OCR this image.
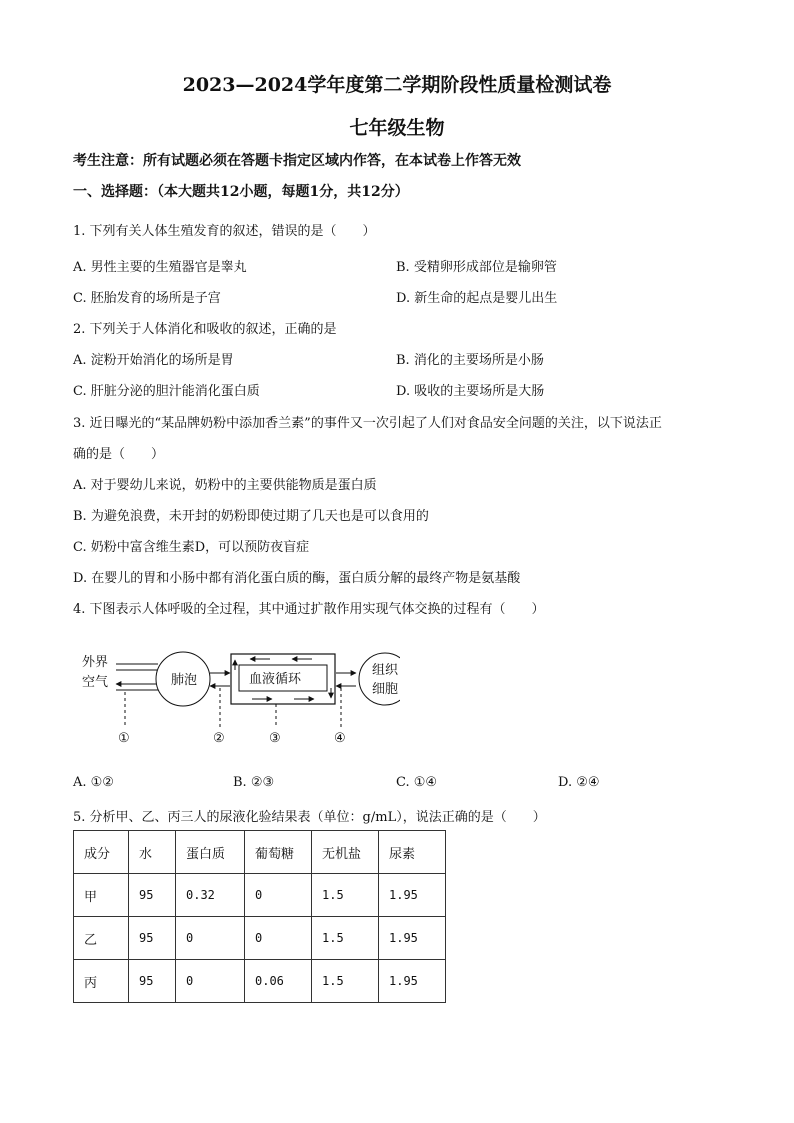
2023—2024学年度第二学期阶段性质量检测试卷
七年级生物
考生注意：所有试题必须在答题卡指定区域内作答，在本试卷上作答无效
一、选择题：（本大题共12小题，每题1分，共12分）
1. 下列有关人体生殖发育的叙述，错误的是（　　）
A. 男性主要的生殖器官是睾丸	B. 受精卵形成部位是输卵管
C. 胚胎发育的场所是子宫	D. 新生命的起点是婴儿出生
2. 下列关于人体消化和吸收的叙述，正确的是
A. 淀粉开始消化的场所是胃	B. 消化的主要场所是小肠
C. 肝脏分泌的胆汁能消化蛋白质	D. 吸收的主要场所是大肠
3. 近日曝光的“某品牌奶粉中添加香兰素”的事件又一次引起了人们对食品安全问题的关注，以下说法正
确的是（　　）
A. 对于婴幼儿来说，奶粉中的主要供能物质是蛋白质
B. 为避免浪费，未开封的奶粉即使过期了几天也是可以食用的
C. 奶粉中富含维生素D，可以预防夜盲症
D. 在婴儿的胃和小肠中都有消化蛋白质的酶，蛋白质分解的最终产物是氨基酸
4. 下图表示人体呼吸的全过程，其中通过扩散作用实现气体交换的过程有（　　）
外界
空气	肺泡	血液循环
组织
细胞
①	②	③	④
A. ①②	B. ②③	C. ①④	D. ②④
5. 分析甲、乙、丙三人的尿液化验结果表（单位：g/mL），说法正确的是（　　）
成分	水	蛋白质	葡萄糖	无机盐	尿素
甲	95	0.32	0	1.5	1.95
乙	95	0	0	1.5	1.95
丙	95	0	0.06	1.5	1.95
